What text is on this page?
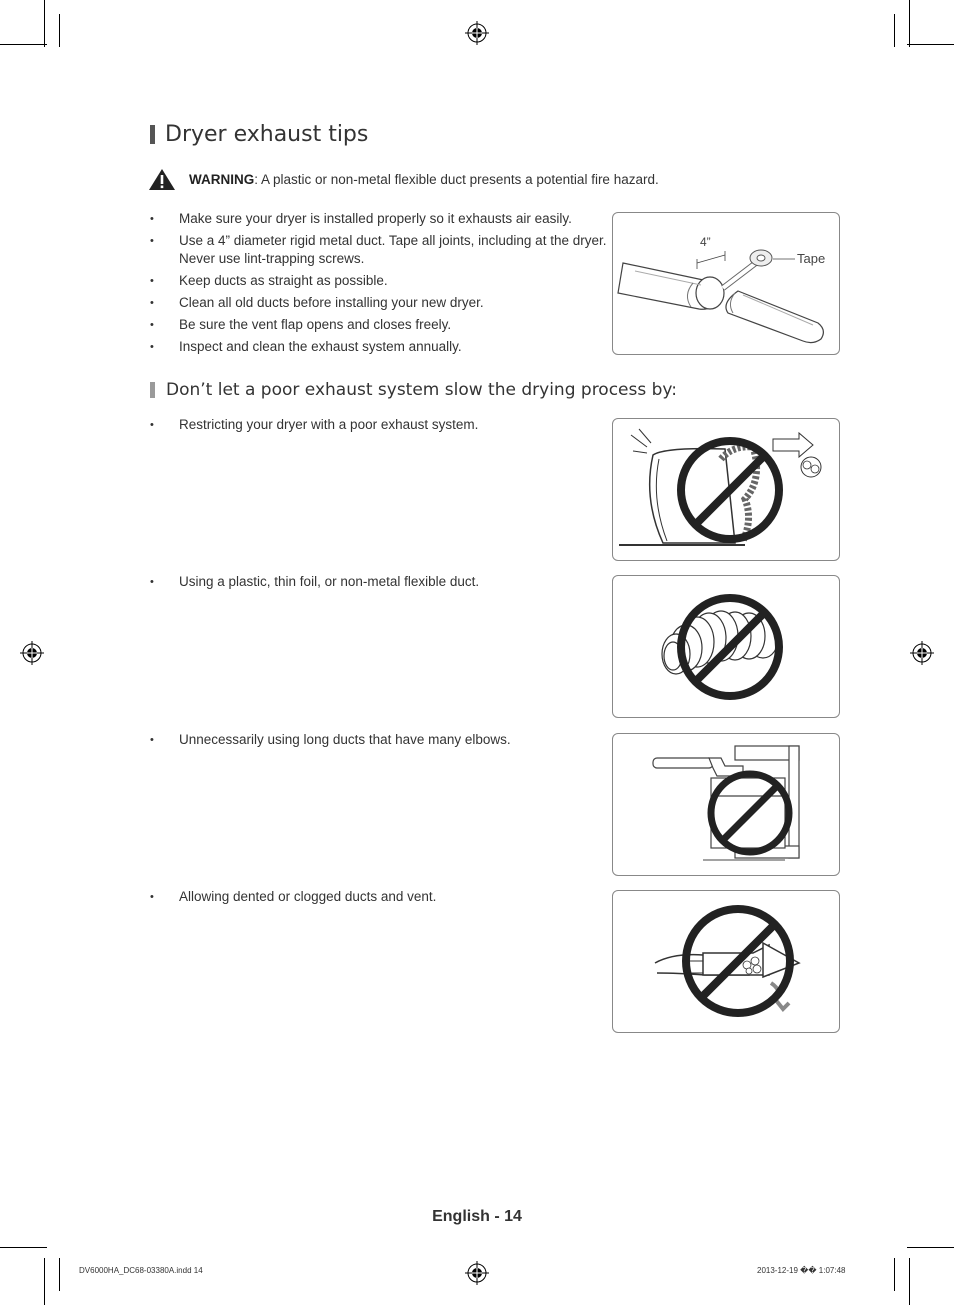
Dryer exhaust tips
WARNING: A plastic or non-metal flexible duct presents a potential fire hazard.
• Make sure your dryer is installed properly so it exhausts air easily.
• Use a 4” diameter rigid metal duct. Tape all joints, including at the dryer.
Never use lint-trapping screws.
• Keep ducts as straight as possible.
• Clean all old ducts before installing your new dryer.
• Be sure the vent flap opens and closes freely.
• Inspect and clean the exhaust system annually.
4”
Tape
Don’t let a poor exhaust system slow the drying process by:
• Restricting your dryer with a poor exhaust system.
• Using a plastic, thin foil, or non-metal flexible duct.
• Unnecessarily using long ducts that have many elbows.
• Allowing dented or clogged ducts and vent.
English - 14
DV6000HA_DC68-03380A.indd 14	2013-12-19 �� 1:07:48
